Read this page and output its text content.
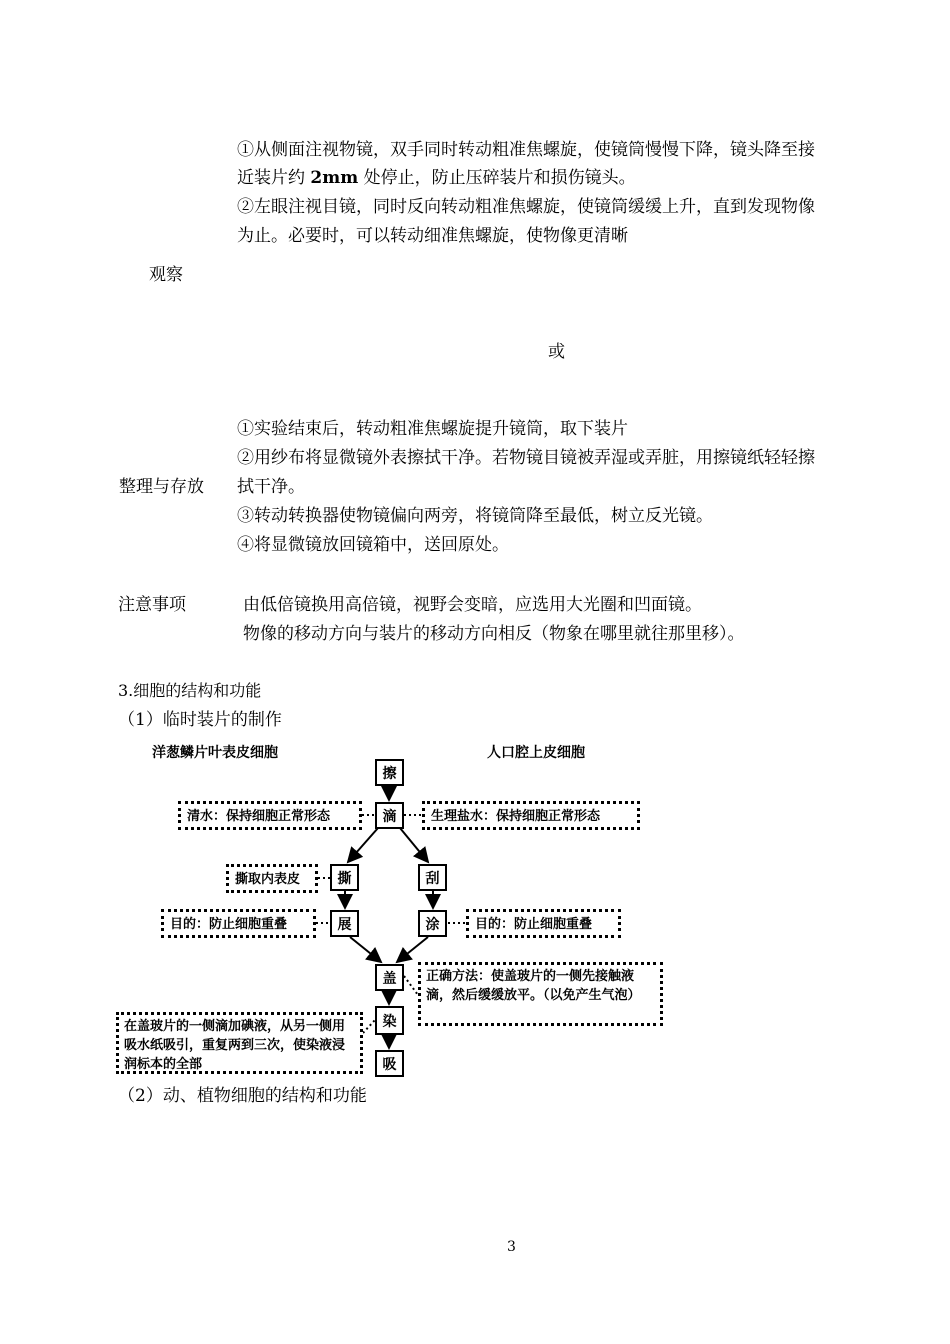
①从侧面注视物镜，双手同时转动粗准焦螺旋，使镜筒慢慢下降，镜头降至接
近装片约 2mm 处停止，防止压碎装片和损伤镜头。
②左眼注视目镜，同时反向转动粗准焦螺旋，使镜筒缓缓上升，直到发现物像
为止。必要时，可以转动细准焦螺旋，使物像更清晰
观察
或
①实验结束后，转动粗准焦螺旋提升镜筒，取下装片
②用纱布将显微镜外表擦拭干净。若物镜目镜被弄湿或弄脏，用擦镜纸轻轻擦
整理与存放 拭干净。
③转动转换器使物镜偏向两旁，将镜筒降至最低，树立反光镜。
④将显微镜放回镜箱中，送回原处。
注意事项	由低倍镜换用高倍镜，视野会变暗，应选用大光圈和凹面镜。
物像的移动方向与装片的移动方向相反（物象在哪里就往那里移）。
3.细胞的结构和功能
（1）临时装片的制作
洋葱鳞片叶表皮细胞	人口腔上皮细胞
擦
滴
撕	刮
展	涂
盖
染
吸
清水：保持细胞正常形态	生理盐水：保持细胞正常形态
撕取内表皮
目的：防止细胞重叠	目的：防止细胞重叠
正确方法：使盖玻片的一侧先接触液滴，然后缓缓放平。（以免产生气泡）
在盖玻片的一侧滴加碘液，从另一侧用吸水纸吸引，重复两到三次，使染液浸润标本的全部
（2）动、植物细胞的结构和功能
3
